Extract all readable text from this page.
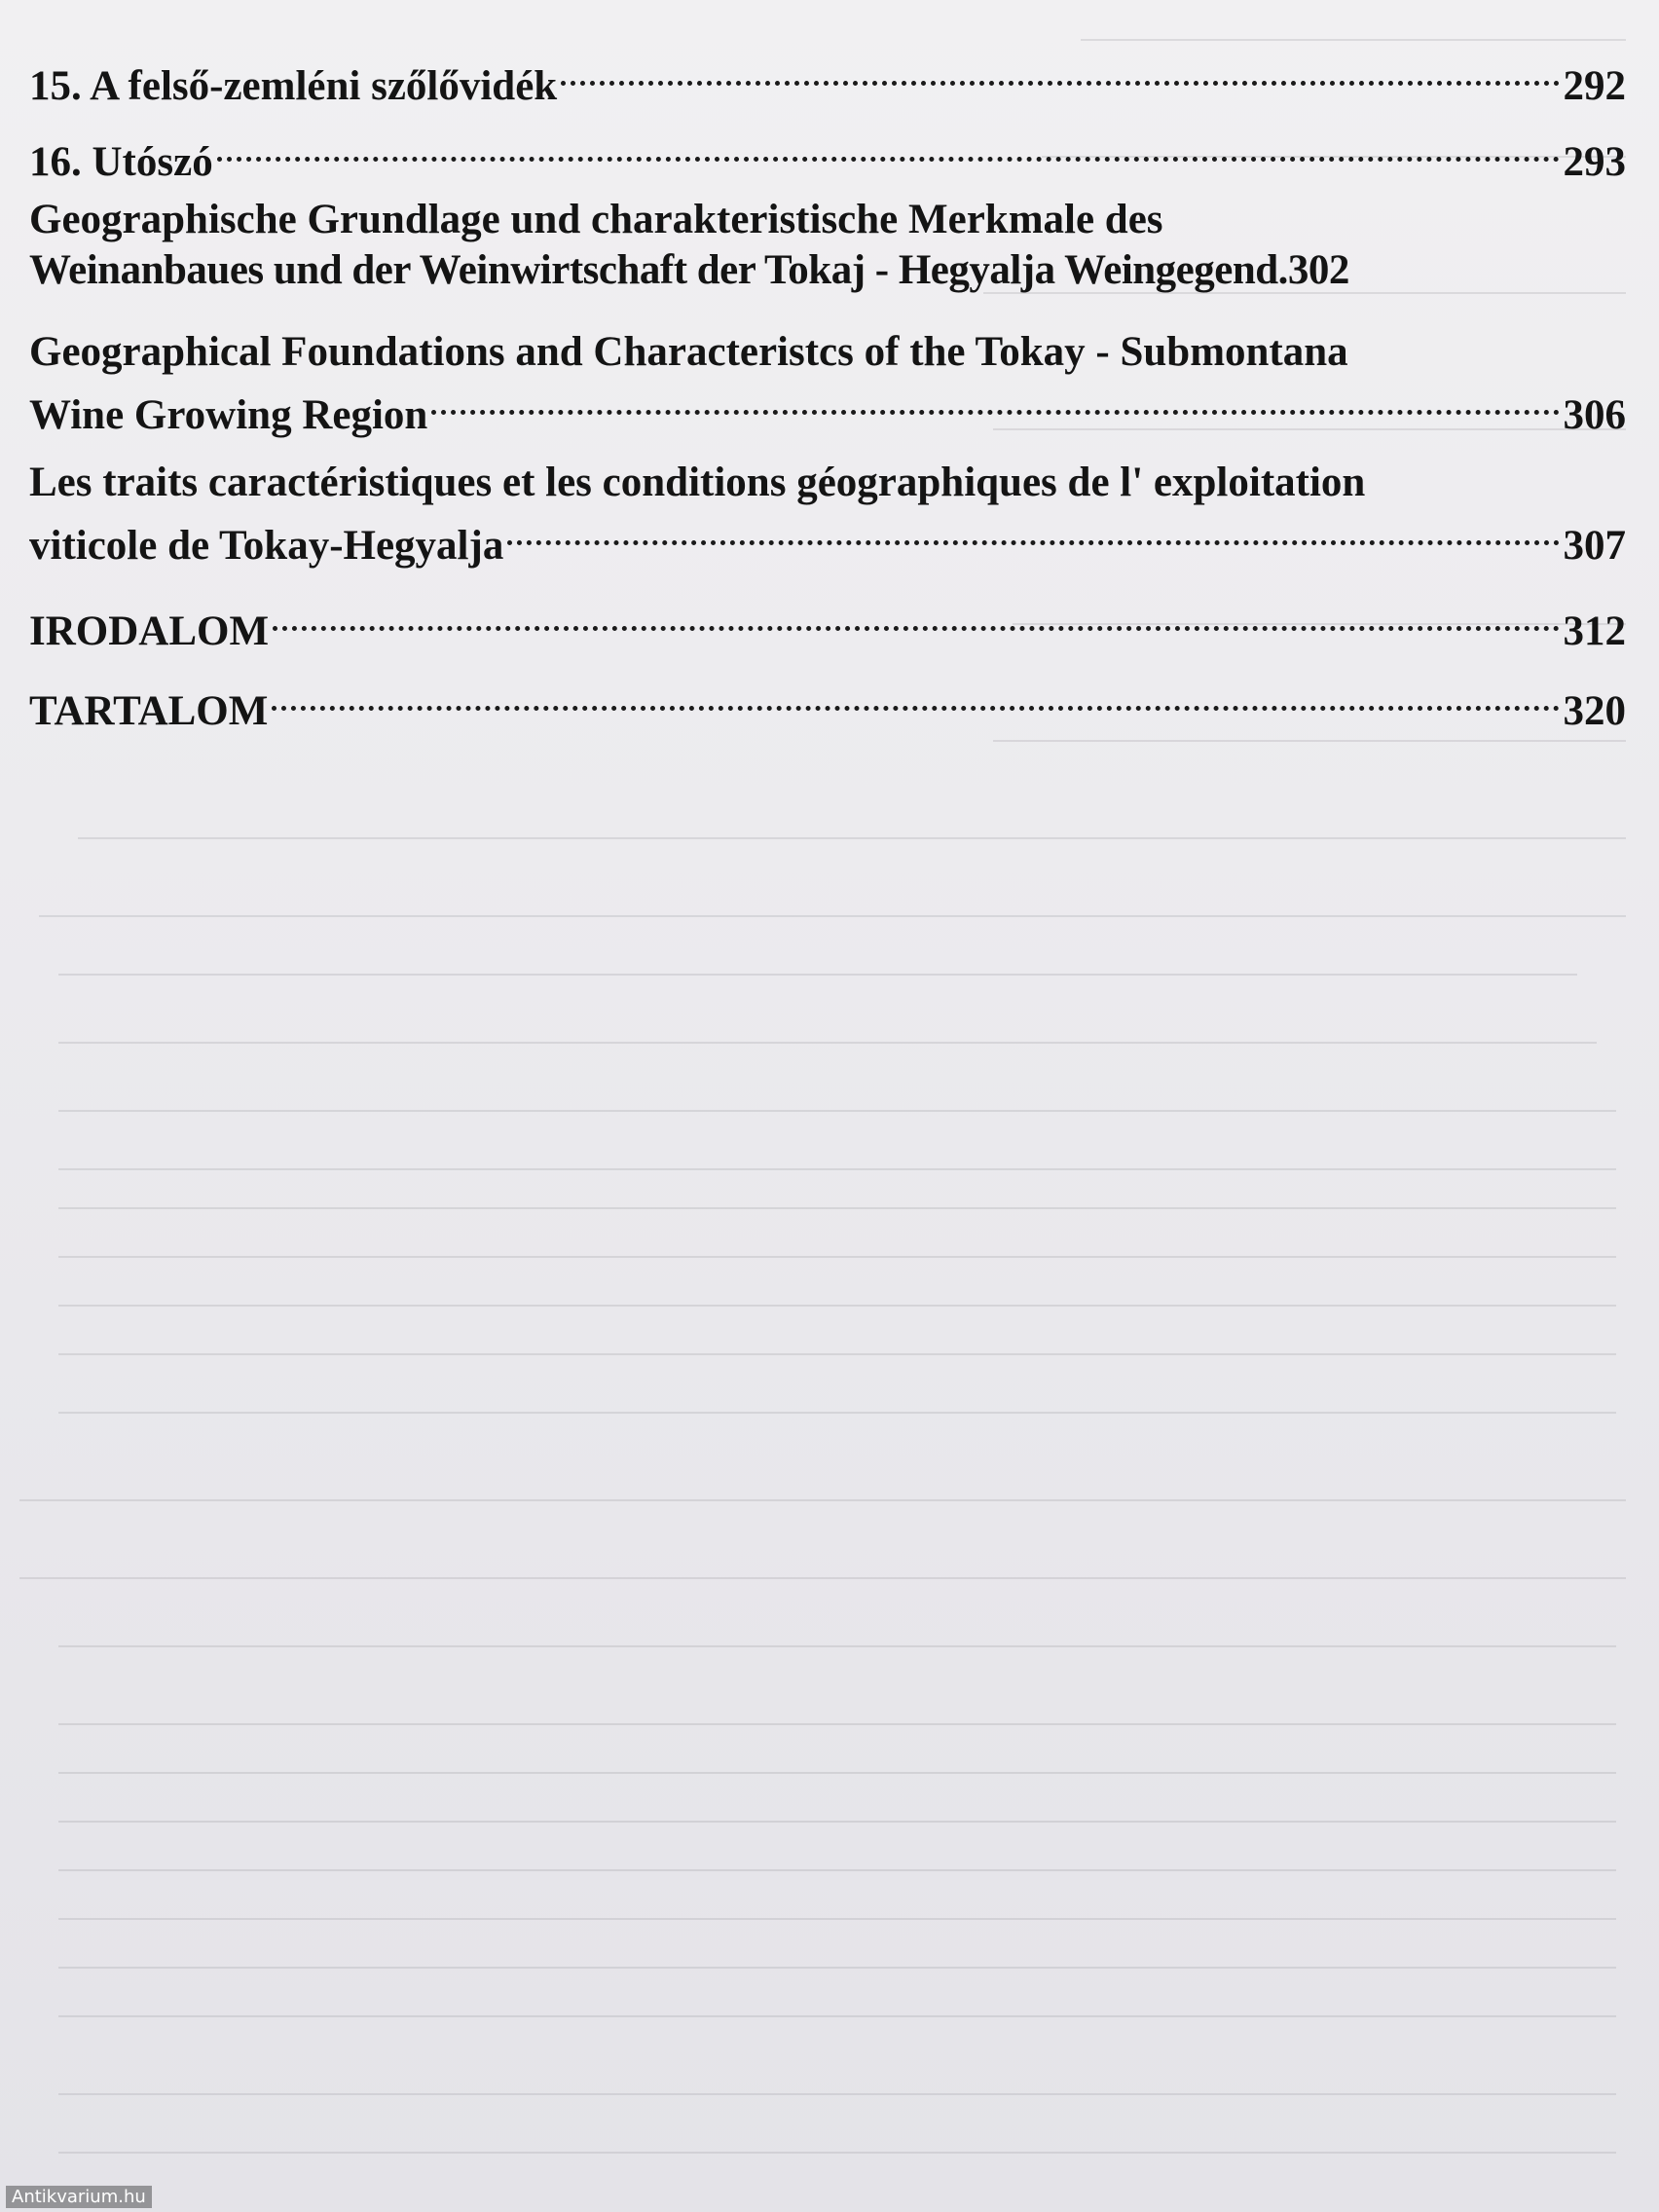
15. A felső-zemléni szőlővidék	292
16. Utószó	293
Geographische Grundlage und charakteristische Merkmale des
Weinanbaues und der Weinwirtschaft der Tokaj - Hegyalja Weingegend.302
Geographical Foundations and Characteristcs of the Tokay - Submontana
Wine Growing Region	306
Les traits caractéristiques et les conditions géographiques de l' exploitation
viticole de Tokay-Hegyalja	307
IRODALOM	312
TARTALOM	320
Antikvarium.hu
